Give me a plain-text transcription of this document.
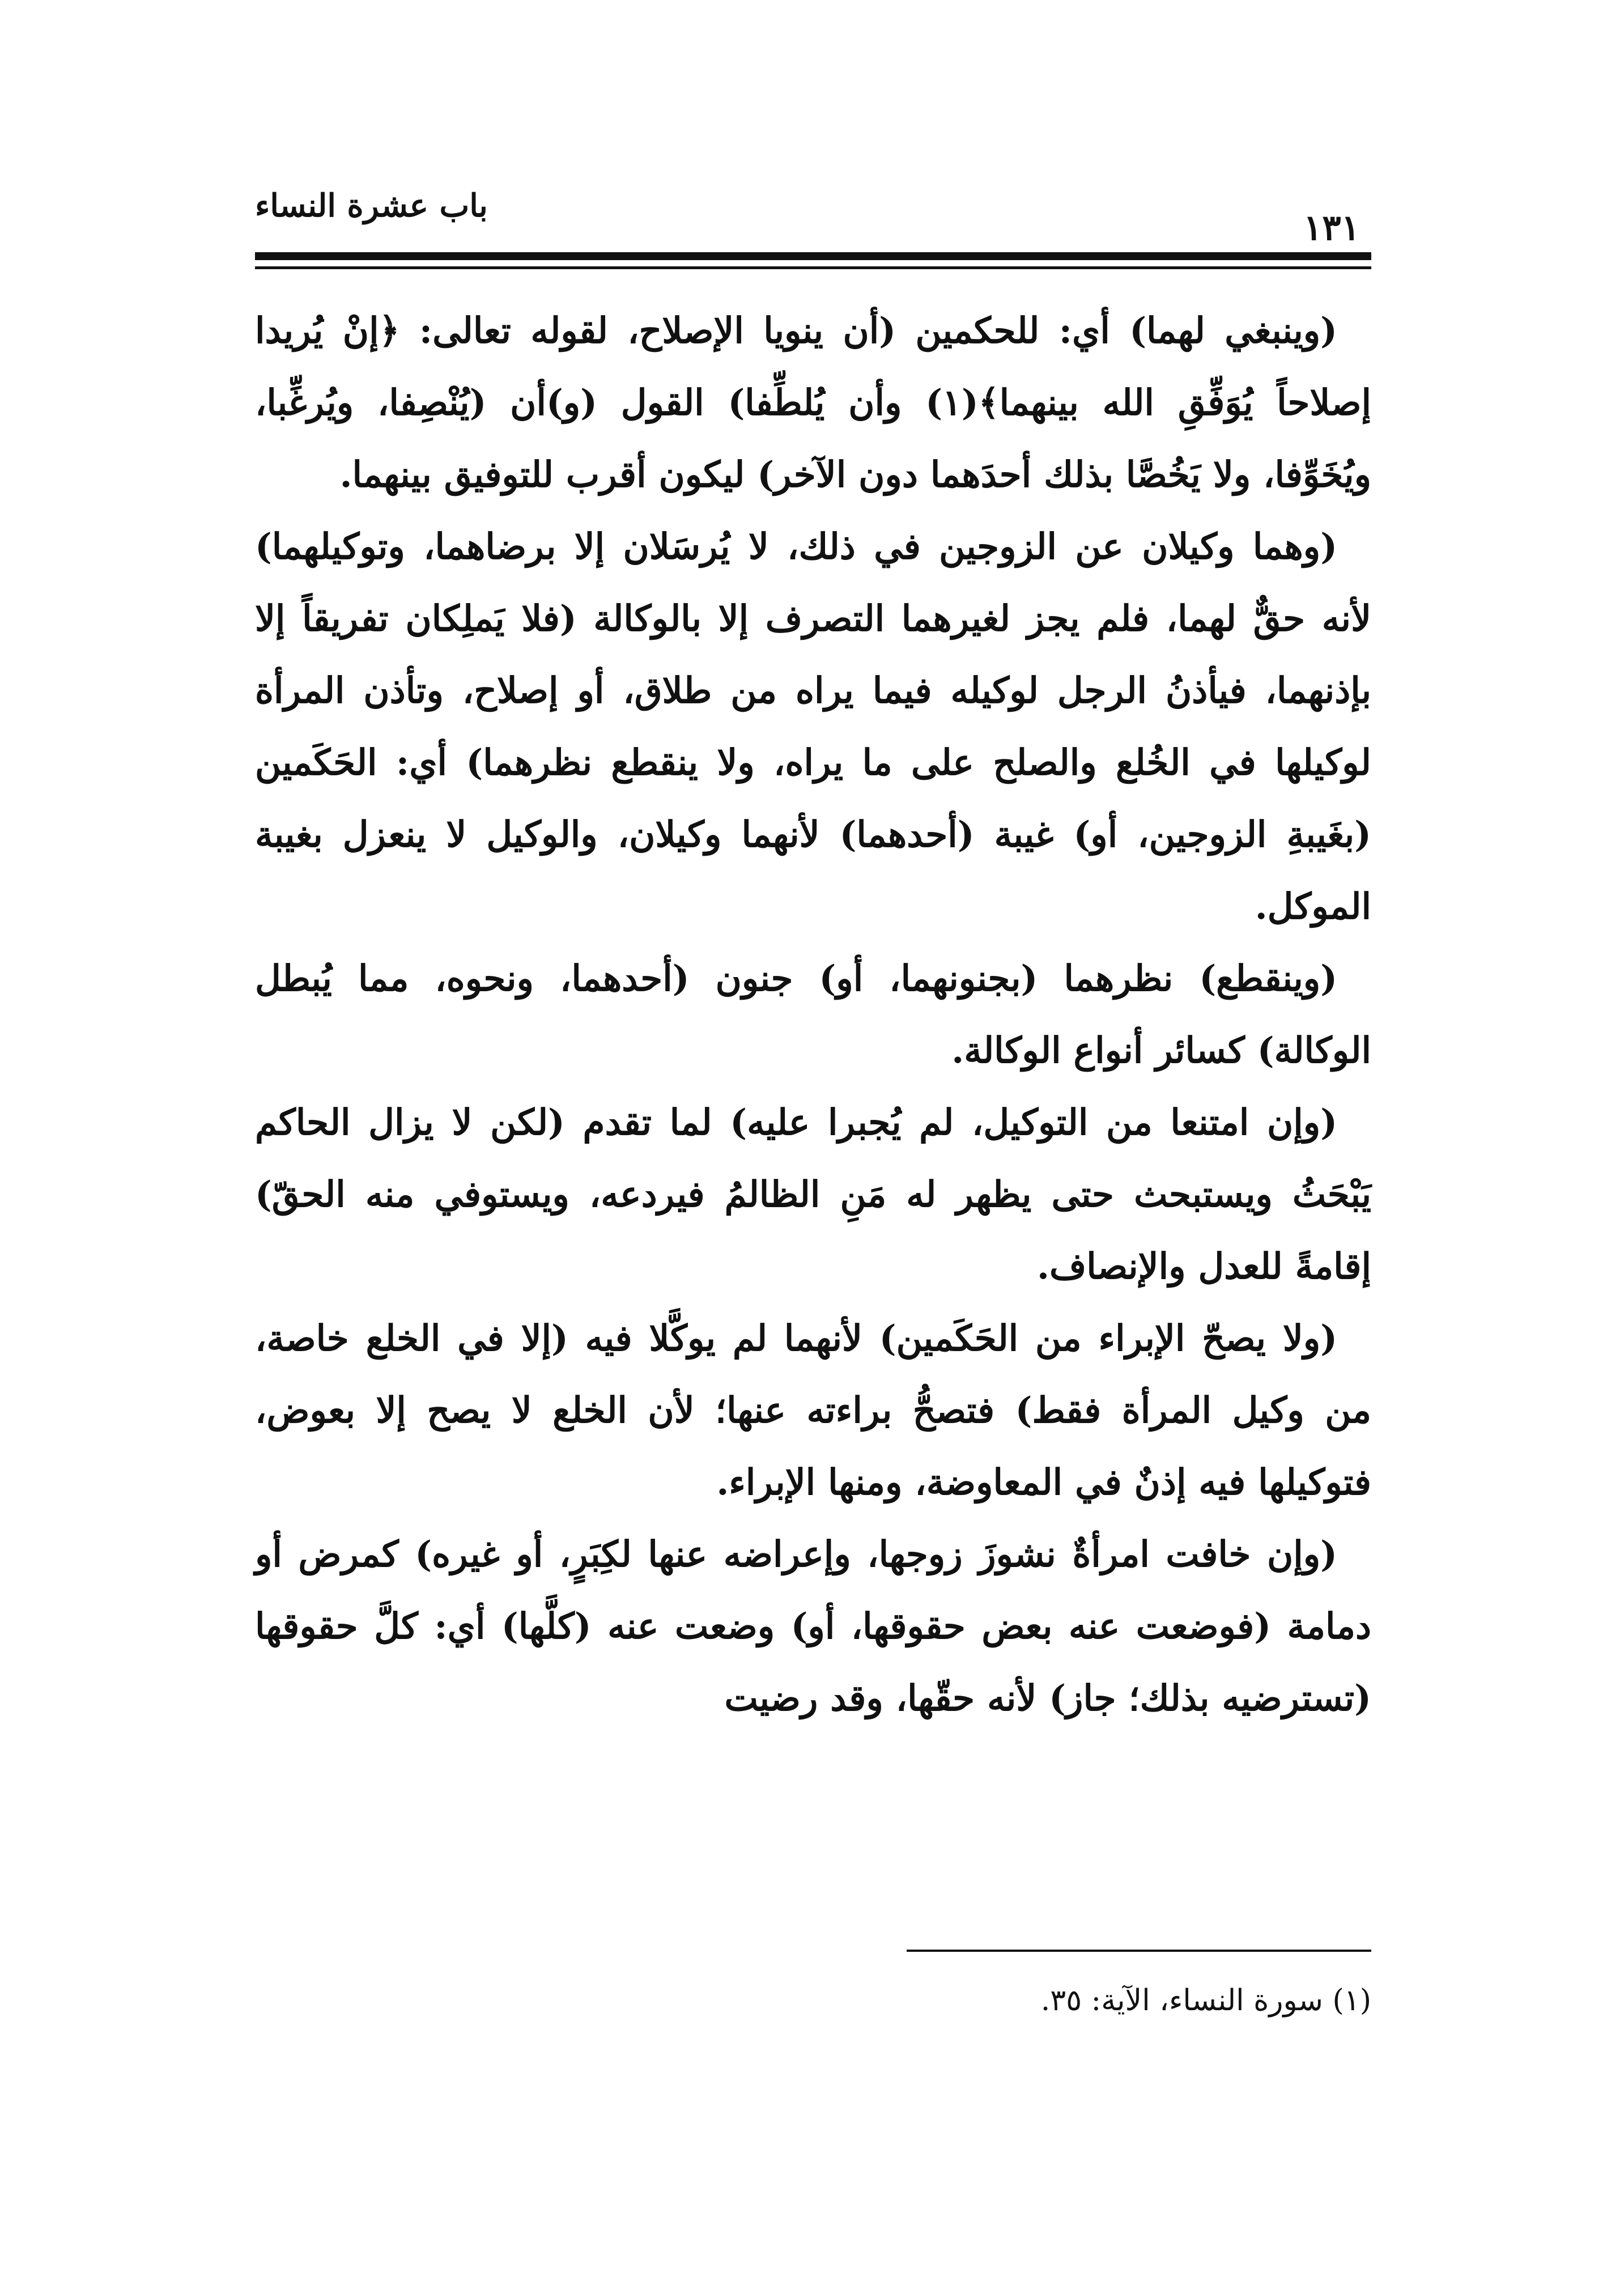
باب عشرة النساء
١٣١

(وينبغي لهما) أي: للحكمين (أن ينويا الإصلاح، لقوله تعالى: ﴿إنْ يُريدا إصلاحاً يُوَفِّقِ الله بينهما﴾(١) وأن يُلطِّفا) القول (و)أن (يُنْصِفا، ويُرغِّبا، ويُخَوِّفا، ولا يَخُصَّا بذلك أحدَهما دون الآخر) ليكون أقرب للتوفيق بينهما.

(وهما وكيلان عن الزوجين في ذلك، لا يُرسَلان إلا برضاهما، وتوكيلهما) لأنه حقٌّ لهما، فلم يجز لغيرهما التصرف إلا بالوكالة (فلا يَملِكان تفريقاً إلا بإذنهما، فيأذنُ الرجل لوكيله فيما يراه من طلاق، أو إصلاح، وتأذن المرأة لوكيلها في الخُلع والصلح على ما يراه، ولا ينقطع نظرهما) أي: الحَكَمين (بغَيبةِ الزوجين، أو) غيبة (أحدهما) لأنهما وكيلان، والوكيل لا ينعزل بغيبة الموكل.

(وينقطع) نظرهما (بجنونهما، أو) جنون (أحدهما، ونحوه، مما يُبطل الوكالة) كسائر أنواع الوكالة.

(وإن امتنعا من التوكيل، لم يُجبرا عليه) لما تقدم (لكن لا يزال الحاكم يَبْحَثُ ويستبحث حتى يظهر له مَنِ الظالمُ فيردعه، ويستوفي منه الحقّ) إقامةً للعدل والإنصاف.

(ولا يصحّ الإبراء من الحَكَمين) لأنهما لم يوكَّلا فيه (إلا في الخلع خاصة، من وكيل المرأة فقط) فتصحُّ براءته عنها؛ لأن الخلع لا يصح إلا بعوض، فتوكيلها فيه إذنٌ في المعاوضة، ومنها الإبراء.

(وإن خافت امرأةٌ نشوزَ زوجها، وإعراضه عنها لكِبَرٍ، أو غيره) كمرض أو دمامة (فوضعت عنه بعض حقوقها، أو) وضعت عنه (كلَّها) أي: كلَّ حقوقها (تسترضيه بذلك؛ جاز) لأنه حقّها، وقد رضيت

(١) سورة النساء، الآية: ٣٥.
